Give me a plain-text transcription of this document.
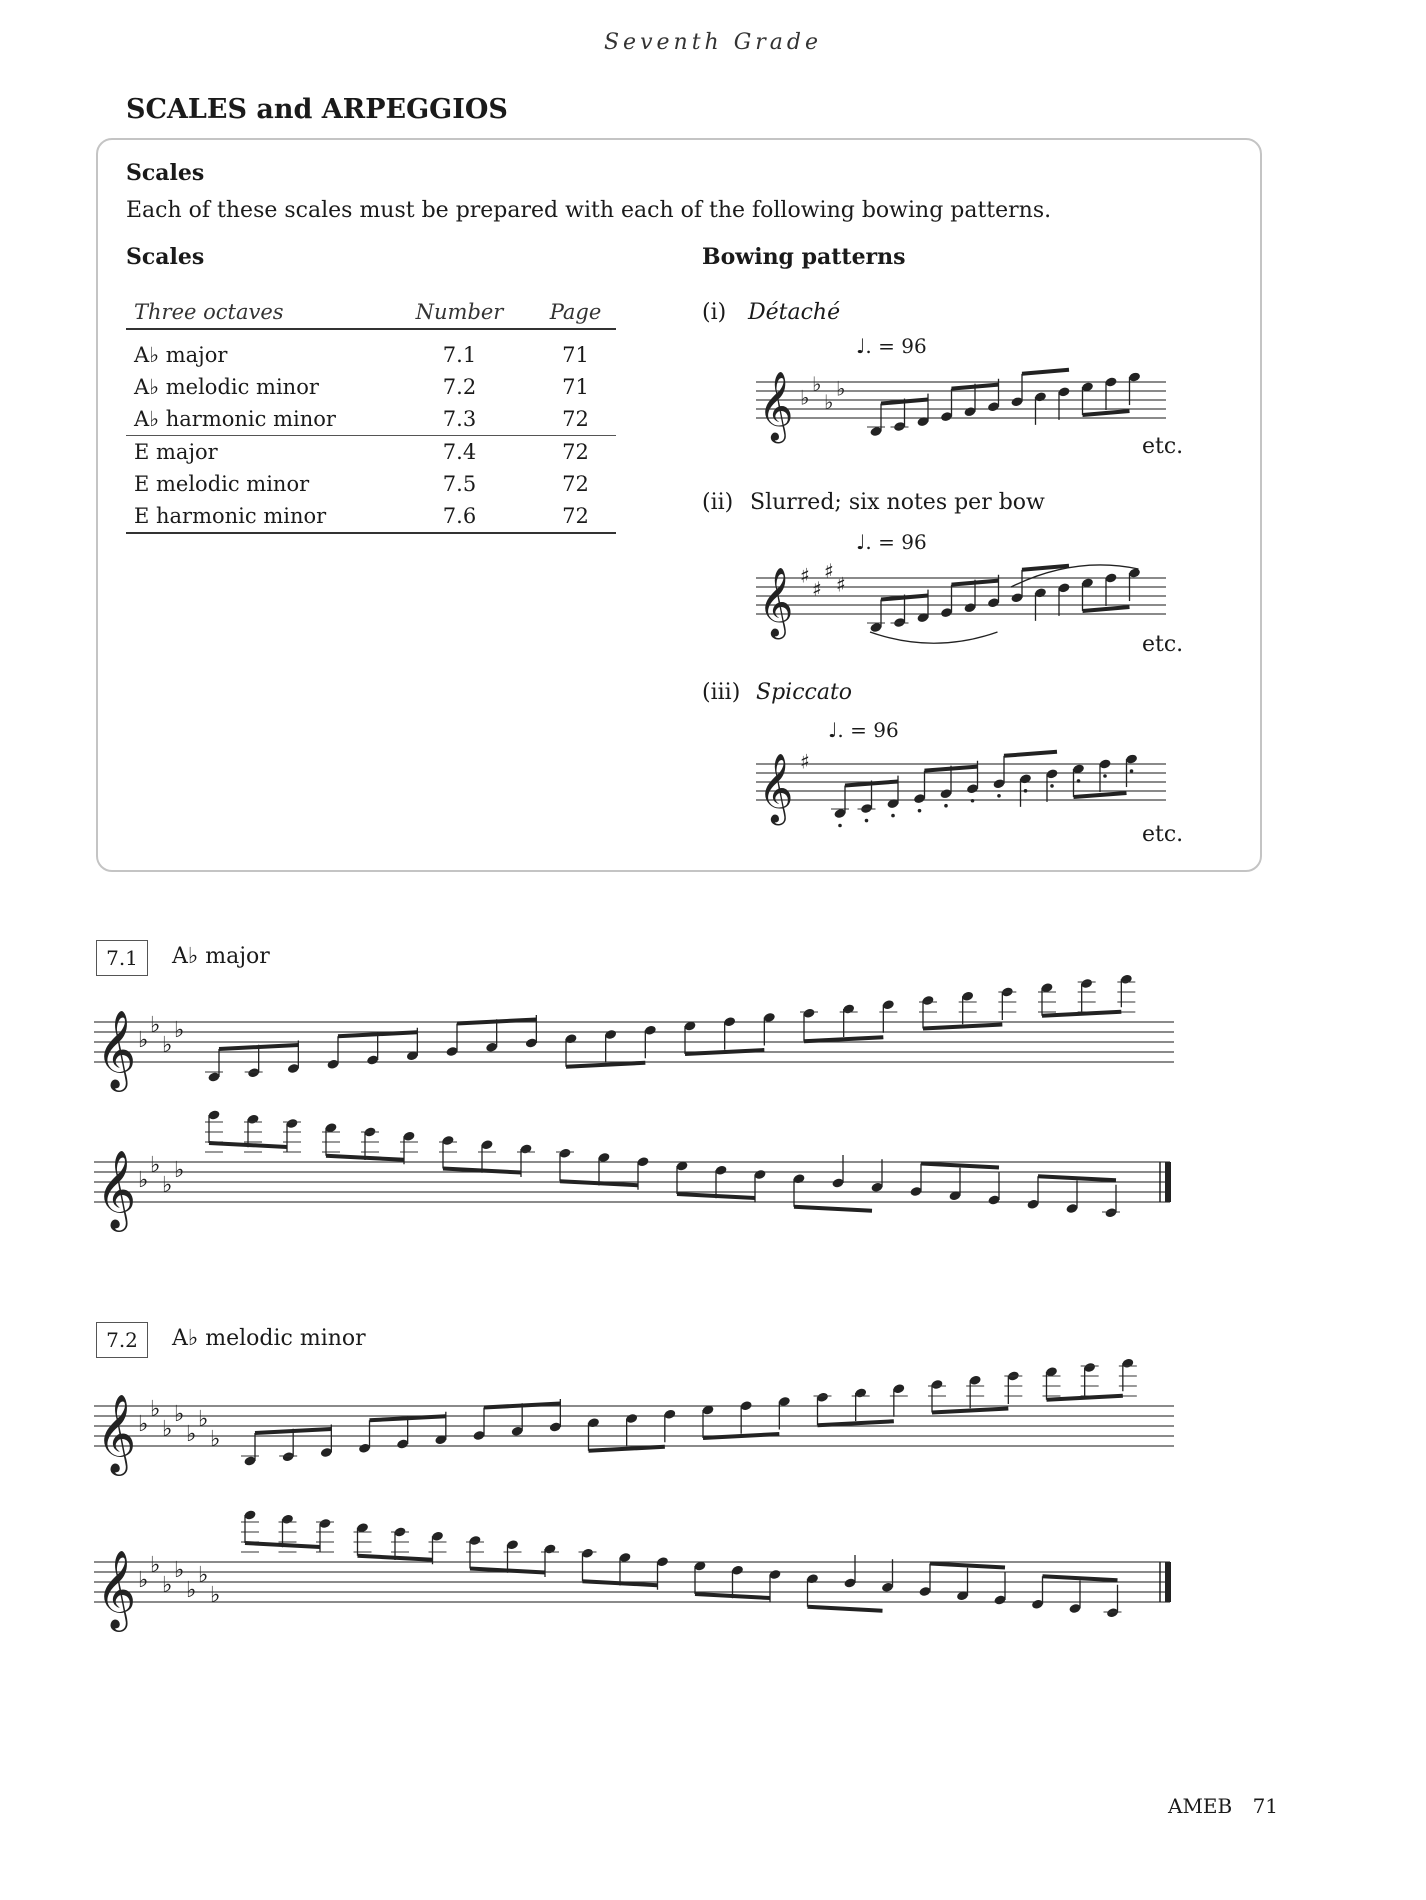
Seventh Grade
SCALES and ARPEGGIOS
Scales
Each of these scales must be prepared with each of the following bowing patterns.
Scales	Bowing patterns
Three octaves	Number	Page
A♭ major	7.1	71
A♭ melodic minor	7.2	71
A♭ harmonic minor	7.3	72
E major	7.4	72
E melodic minor	7.5	72
E harmonic minor	7.6	72
(i) Détaché
♩. = 96
𝄞 ♭
♭
♭
♭
etc.
(ii) Slurred; six notes per bow
♩. = 96
𝄞 ♯
♯
♯
♯
etc.
(iii) Spiccato
♩. = 96
𝄞 ♯
etc.
7.1	A♭ major
𝄞 ♭
♭
♭
♭
𝄞 ♭
♭
♭
♭
7.2	A♭ melodic minor
𝄞 ♭
♭
♭
♭
♭
♭
♭
𝄞 ♭
♭
♭
♭
♭
♭
♭
AMEB 71
